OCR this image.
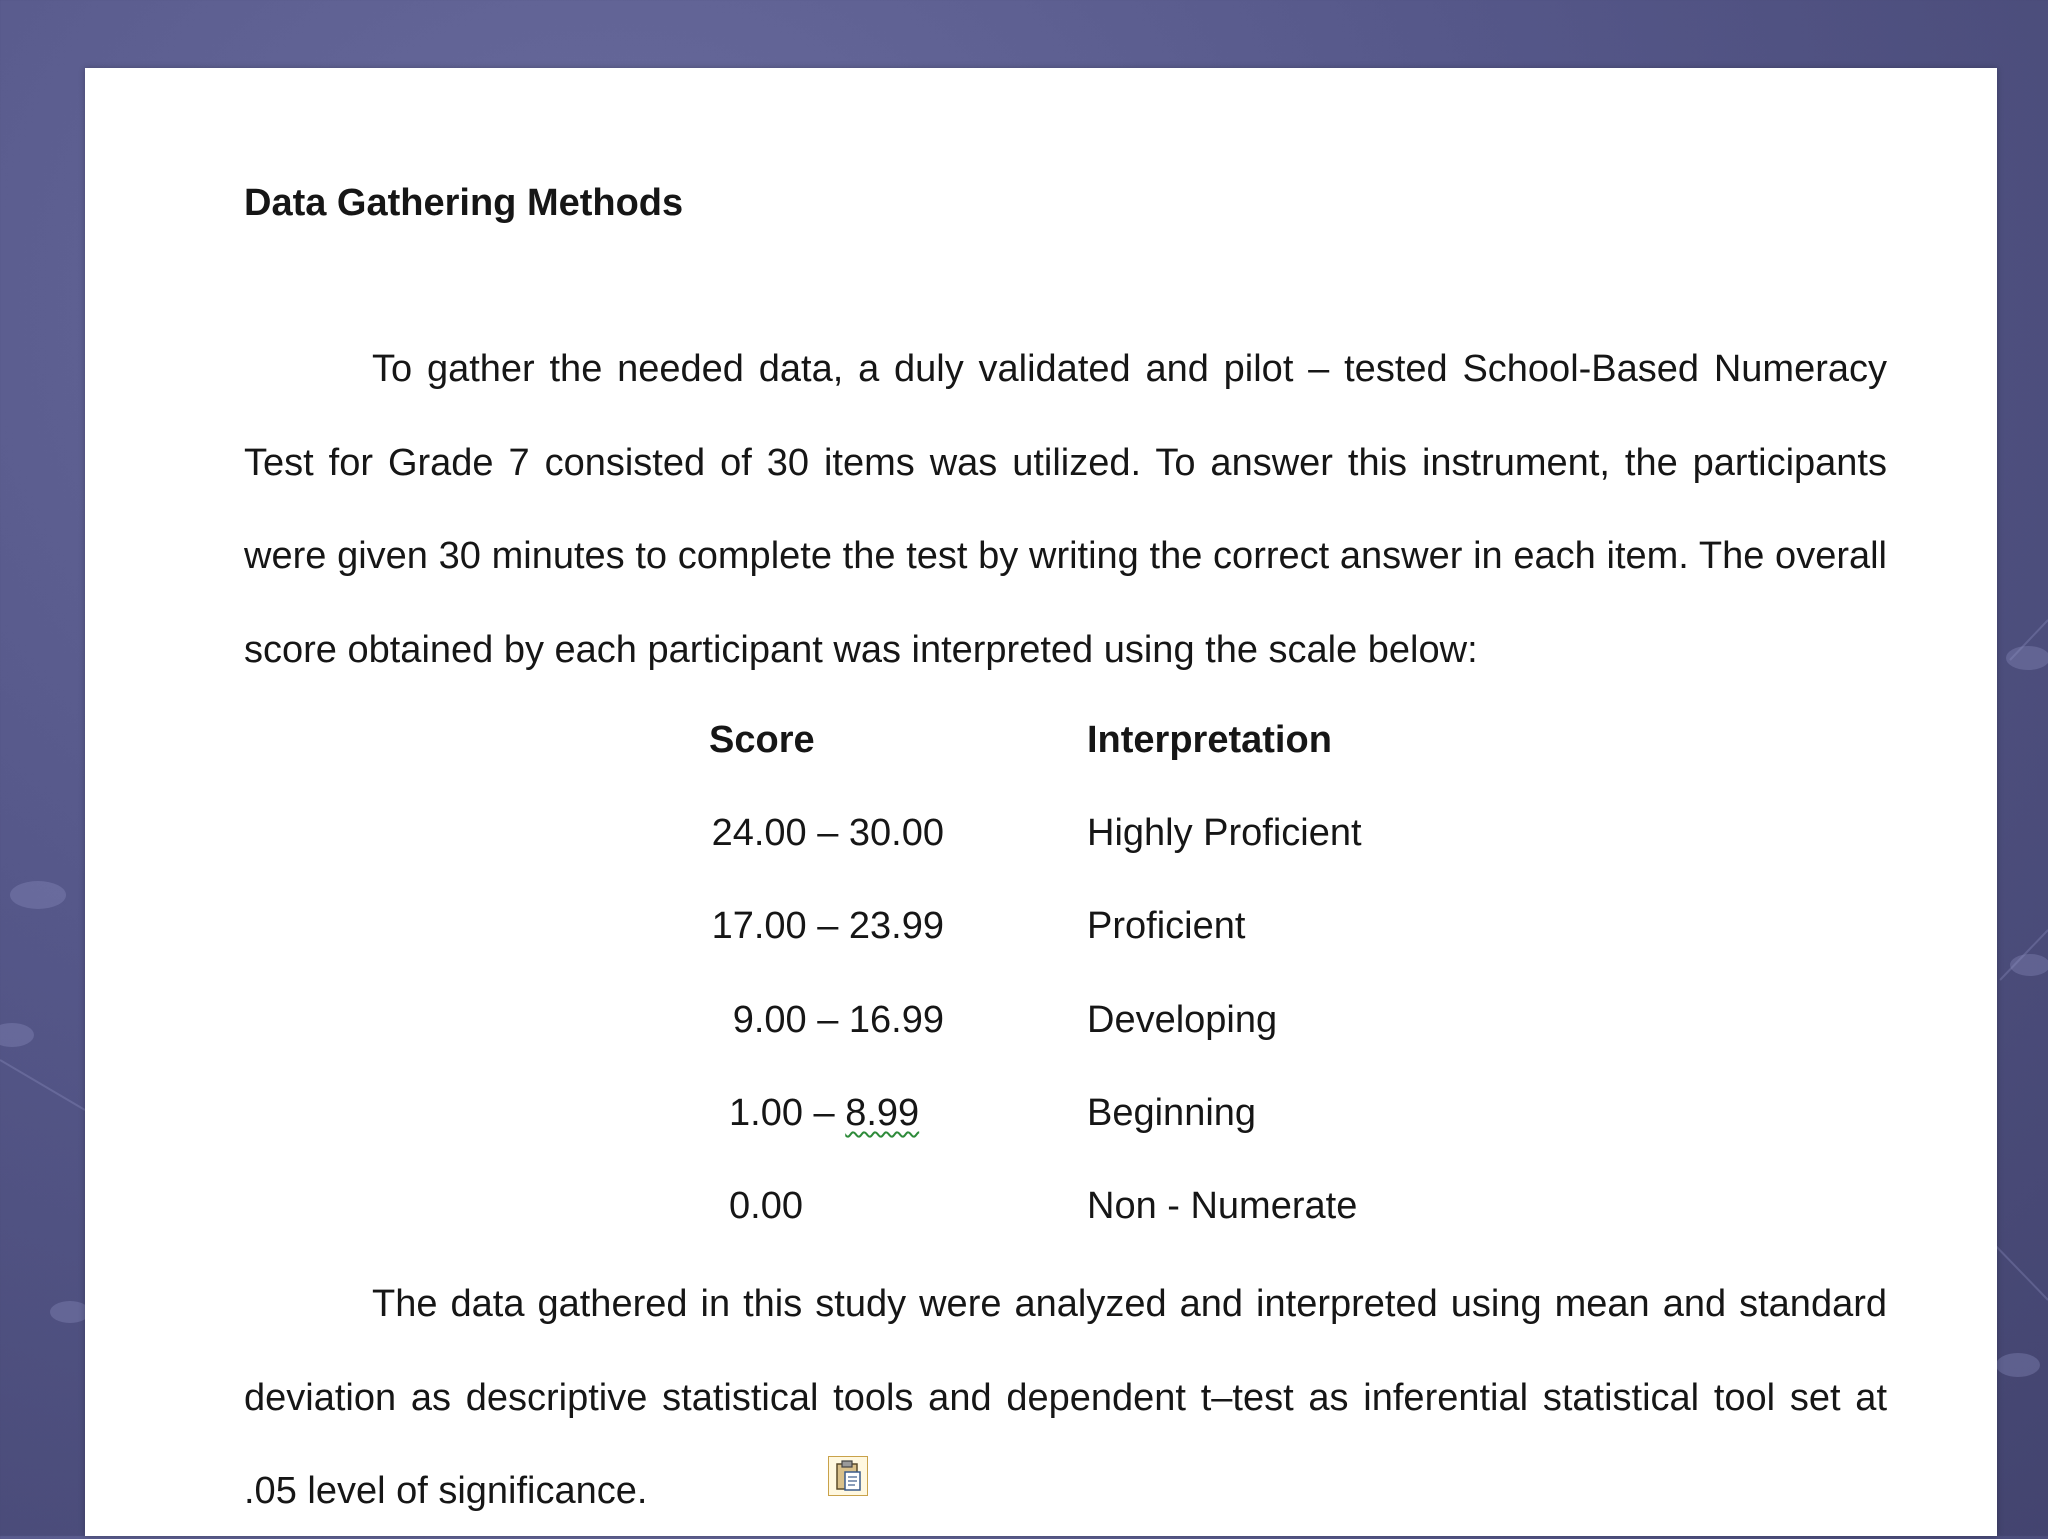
Data Gathering Methods

To gather the needed data, a duly validated and pilot – tested School-Based Numeracy Test for Grade 7 consisted of 30 items was utilized. To answer this instrument, the participants were given 30 minutes to complete the test by writing the correct answer in each item. The overall score obtained by each participant was interpreted using the scale below:

Score	Interpretation
24.00 – 30.00	Highly Proficient
17.00 – 23.99	Proficient
9.00 – 16.99	Developing
1.00 – 8.99	Beginning
0.00	Non - Numerate

The data gathered in this study were analyzed and interpreted using mean and standard deviation as descriptive statistical tools and dependent t–test as inferential statistical tool set at .05 level of significance.
